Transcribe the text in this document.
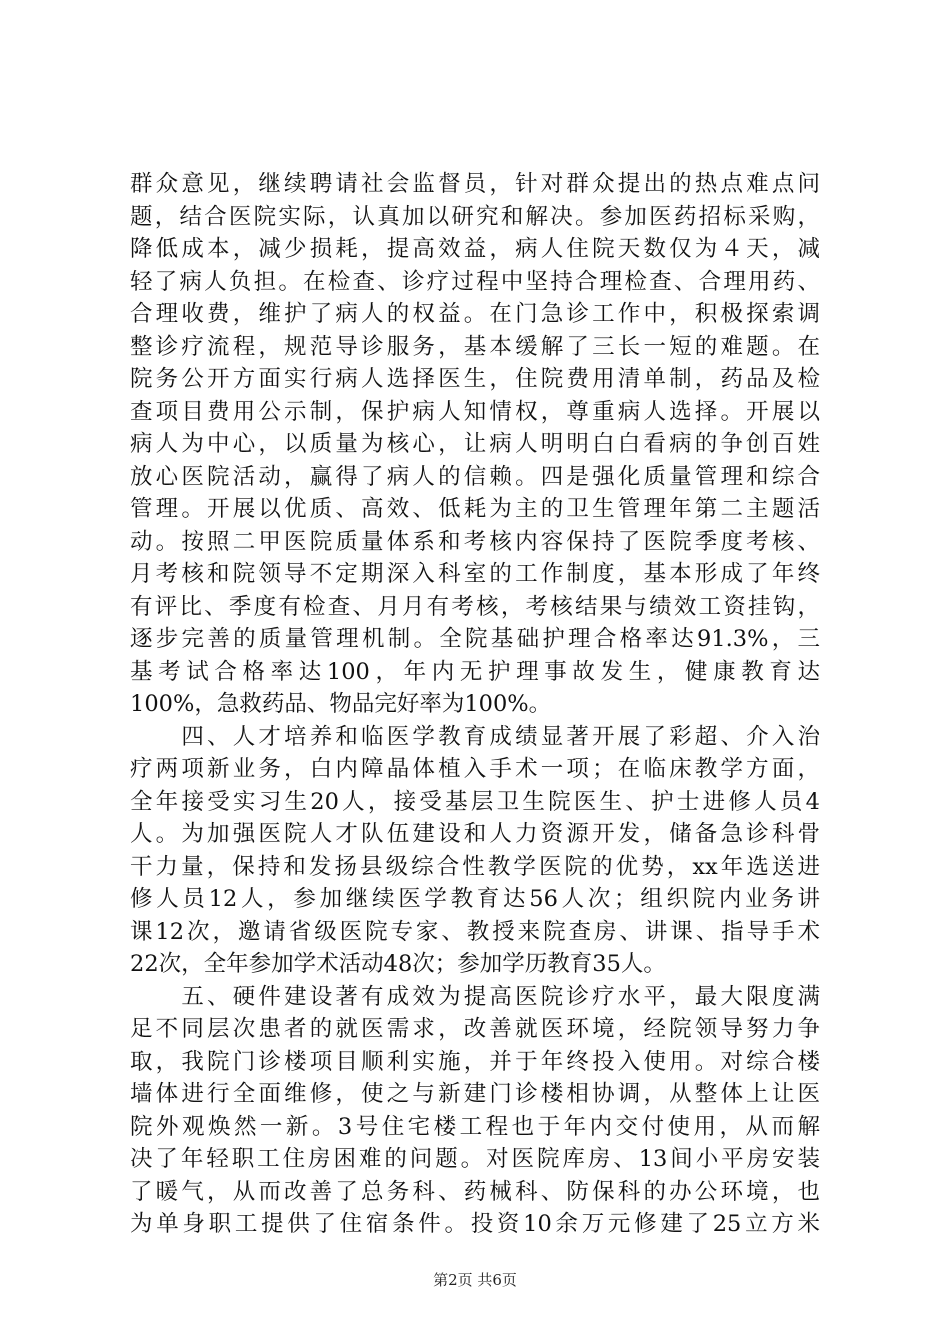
群众意见，继续聘请社会监督员，针对群众提出的热点难点问
题，结合医院实际，认真加以研究和解决。参加医药招标采购，
降低成本，减少损耗，提高效益，病人住院天数仅为４天，减
轻了病人负担。在检查、诊疗过程中坚持合理检查、合理用药、
合理收费，维护了病人的权益。在门急诊工作中，积极探索调
整诊疗流程，规范导诊服务，基本缓解了三长一短的难题。在
院务公开方面实行病人选择医生，住院费用清单制，药品及检
查项目费用公示制，保护病人知情权，尊重病人选择。开展以
病人为中心，以质量为核心，让病人明明白白看病的争创百姓
放心医院活动，赢得了病人的信赖。四是强化质量管理和综合
管理。开展以优质、高效、低耗为主的卫生管理年第二主题活
动。按照二甲医院质量体系和考核内容保持了医院季度考核、
月考核和院领导不定期深入科室的工作制度，基本形成了年终
有评比、季度有检查、月月有考核，考核结果与绩效工资挂钩，
逐步完善的质量管理机制。全院基础护理合格率达91.3%，三
基考试合格率达100，年内无护理事故发生，健康教育达
100%，急救药品、物品完好率为100%。
　　四、人才培养和临医学教育成绩显著开展了彩超、介入治
疗两项新业务，白内障晶体植入手术一项；在临床教学方面，
全年接受实习生20人，接受基层卫生院医生、护士进修人员4
人。为加强医院人才队伍建设和人力资源开发，储备急诊科骨
干力量，保持和发扬县级综合性教学医院的优势，xx年选送进
修人员12人，参加继续医学教育达56人次；组织院内业务讲
课12次，邀请省级医院专家、教授来院查房、讲课、指导手术
22次，全年参加学术活动48次；参加学历教育35人。
　　五、硬件建设著有成效为提高医院诊疗水平，最大限度满
足不同层次患者的就医需求，改善就医环境，经院领导努力争
取，我院门诊楼项目顺利实施，并于年终投入使用。对综合楼
墙体进行全面维修，使之与新建门诊楼相协调，从整体上让医
院外观焕然一新。3号住宅楼工程也于年内交付使用，从而解
决了年轻职工住房困难的问题。对医院库房、13间小平房安装
了暖气，从而改善了总务科、药械科、防保科的办公环境，也
为单身职工提供了住宿条件。投资10余万元修建了25立方米
第2页 共6页
